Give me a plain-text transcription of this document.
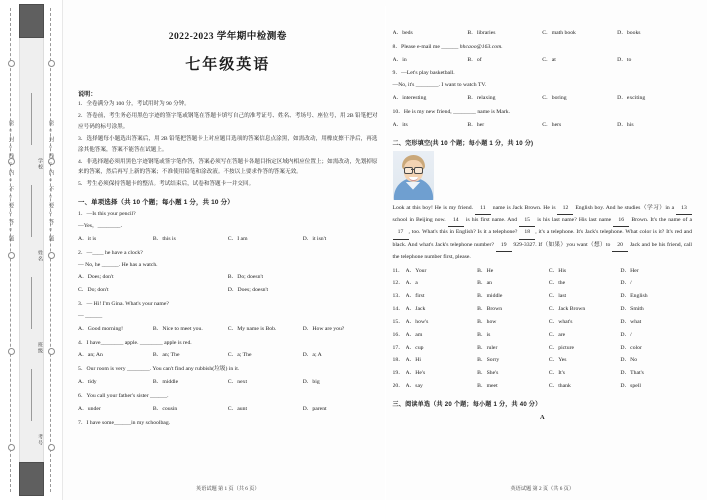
密○封○线○内○不○要○答○题	密○封○线○内○不○要○答○题
学校
姓名
班级
考号
2022-2023 学年期中检测卷
七年级英语
说明：
1．全卷满分为 100 分，考试用时为 90 分钟。
2．答卷前，考生务必用黑色字迹的签字笔或钢笔在答题卡填写自己的准考证号、姓名、考场号、座位号，用 2B 铅笔把对应号码的标号涂黑。
3．选择题每小题选出答案后，用 2B 铅笔把答题卡上对应题目选项的答案信息点涂黑，如需改动，用橡皮擦干净后，再选涂其他答案，答案不能答在试题上。
4．非选择题必须用黑色字迹钢笔或签字笔作答，答案必须写在答题卡各题目指定区域内相应位置上；如需改动，先划掉原来的答案，然后再写上新的答案；不准使用铅笔和涂改液。不按以上要求作答的答案无效。
5．考生必须保持答题卡的整洁。考试结束后，试卷和答题卡一并交回。
一、单项选择（共 10 个题；每小题 1 分，共 10 分）
1．—Is this your pencil?
—Yes，________．
A．it is	B．this is	C．I am	D．it isn't
2．—____ he have a clock?
— No, he ______. He has a watch.
A．Does; don't	B．Do; doesn't
C．Do; don't	D．Does; doesn't
3．— Hi! I'm Gina. What's your name?
— ______
A．Good morning!	B．Nice to meet you.	C．My name is Bob.	D．How are you?
4．I have________ apple. ________ apple is red.
A．an; An	B．an; The	C．a; The	D．a; A
5．Our room is very ________. You can't find any rubbish(垃圾) in it.
A．tidy	B．middle	C．next	D．big
6．You call your father's sister ______.
A．under	B．cousin	C．aunt	D．parent
7．I have some______in my schoolbag.
英语试题 第 1 页（共 6 页）
A．beds	B．libraries	C．math book	D．books
8．Please e-mail me ______ hhcaoo@163.com.
A．in	B．of	C．at	D．to
9．—Let's play basketball.
—No, it's ________. I want to watch TV.
A．interesting	B．relaxing	C．boring	D．exciting
10．He is my new friend, ________ name is Mark.
A．its	B．her	C．hers	D．his
二、完形填空(共 10 个题；每小题 1 分，共 10 分)
Look at this boy! He is my friend. 11 name is Jack Brown. He is 12 English boy. And he studies（学习）in a 13 school in Beijing now. 14 is his first name. And 15 is his last name? His last name 16 Brown. It's the name of a 17 , too. What's this in English? Is it a telephone? 18 , it's a telephone. It's Jack's telephone. What color is it? It's red and black. And what's Jack's telephone number? 19 929-3327. If（如果）you want（想）to 20 Jack and be his friend, call the telephone number first, please.
11． A．Your	B．He	C．His	D．Her
12． A．a	B．an	C．the	D．/
13． A．first	B．middle	C．last	D．English
14． A．Jack	B．Brown	C．Jack Brown	D．Smith
15． A．how's	B．how	C．what's	D．what
16． A．am	B．is	C．are	D．/
17． A．cup	B．ruler	C．picture	D．color
18． A．Hi	B．Sorry	C．Yes	D．No
19． A．He's	B．She's	C．It's	D．That's
20． A．say	B．meet	C．thank	D．spell
三、阅读单选（共 20 个题；每小题 1 分，共 40 分）
A
英语试题 第 2 页（共 6 页）
